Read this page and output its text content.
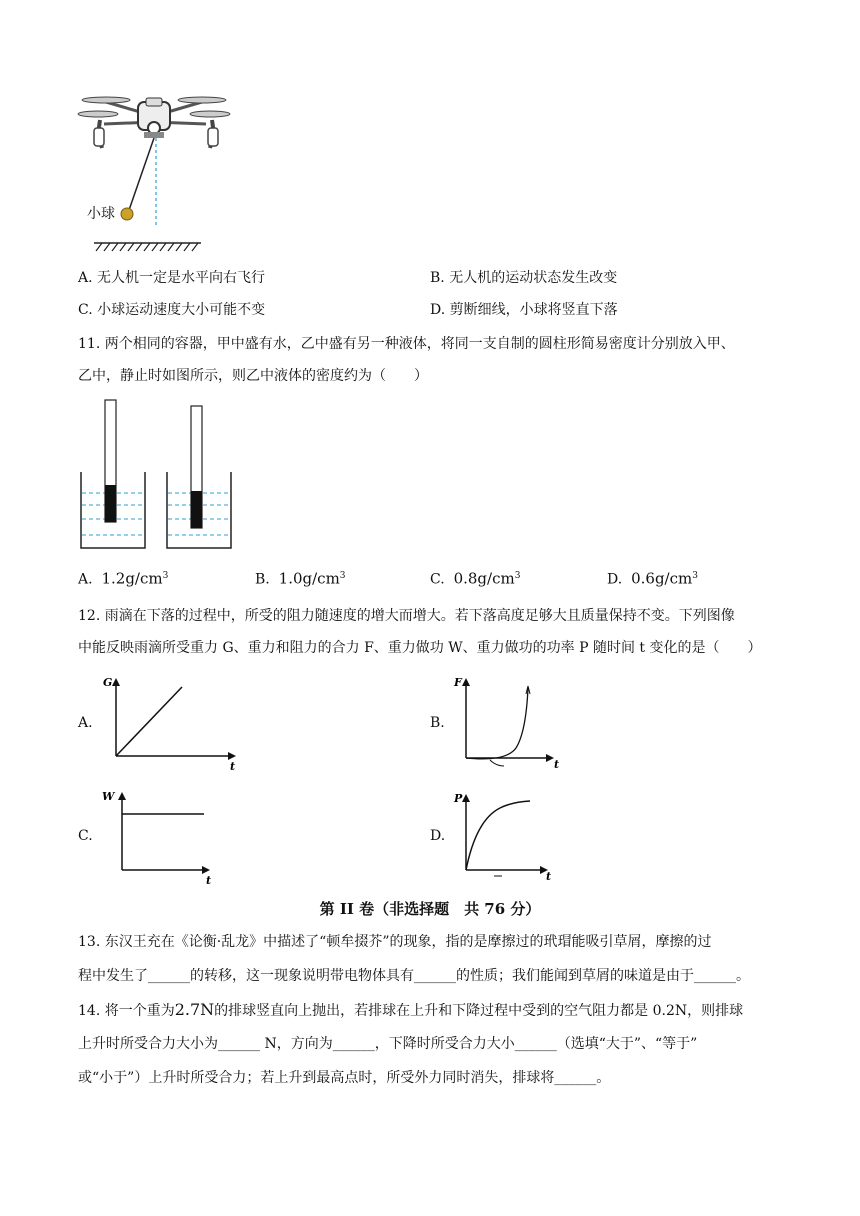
小球
A. 无人机一定是水平向右飞行	B. 无人机的运动状态发生改变
C. 小球运动速度大小可能不变	D. 剪断细线，小球将竖直下落
11. 两个相同的容器，甲中盛有水，乙中盛有另一种液体，将同一支自制的圆柱形简易密度计分别放入甲、
乙中，静止时如图所示，则乙中液体的密度约为（　　）
A. $1.2g/cm^3$	B. $1.0g/cm^3$	C. $0.8g/cm^3$	D. $0.6g/cm^3$
12. 雨滴在下落的过程中，所受的阻力随速度的增大而增大。若下落高度足够大且质量保持不变。下列图像
中能反映雨滴所受重力 G、重力和阻力的合力 F、重力做功 W、重力做功的功率 P 随时间 t 变化的是（　　）
A.
G
t
B.
F
t
C.
W
t
D.
P
t
第 II 卷（非选择题　共 76 分）
13. 东汉王充在《论衡·乱龙》中描述了“顿牟掇芥”的现象，指的是摩擦过的玳瑁能吸引草屑，摩擦的过
程中发生了______的转移，这一现象说明带电物体具有______的性质；我们能闻到草屑的味道是由于______。
14. 将一个重为2.7N的排球竖直向上抛出，若排球在上升和下降过程中受到的空气阻力都是 0.2N，则排球
上升时所受合力大小为______ N，方向为______，下降时所受合力大小______（选填“大于”、“等于”
或“小于”）上升时所受合力；若上升到最高点时，所受外力同时消失，排球将______。
